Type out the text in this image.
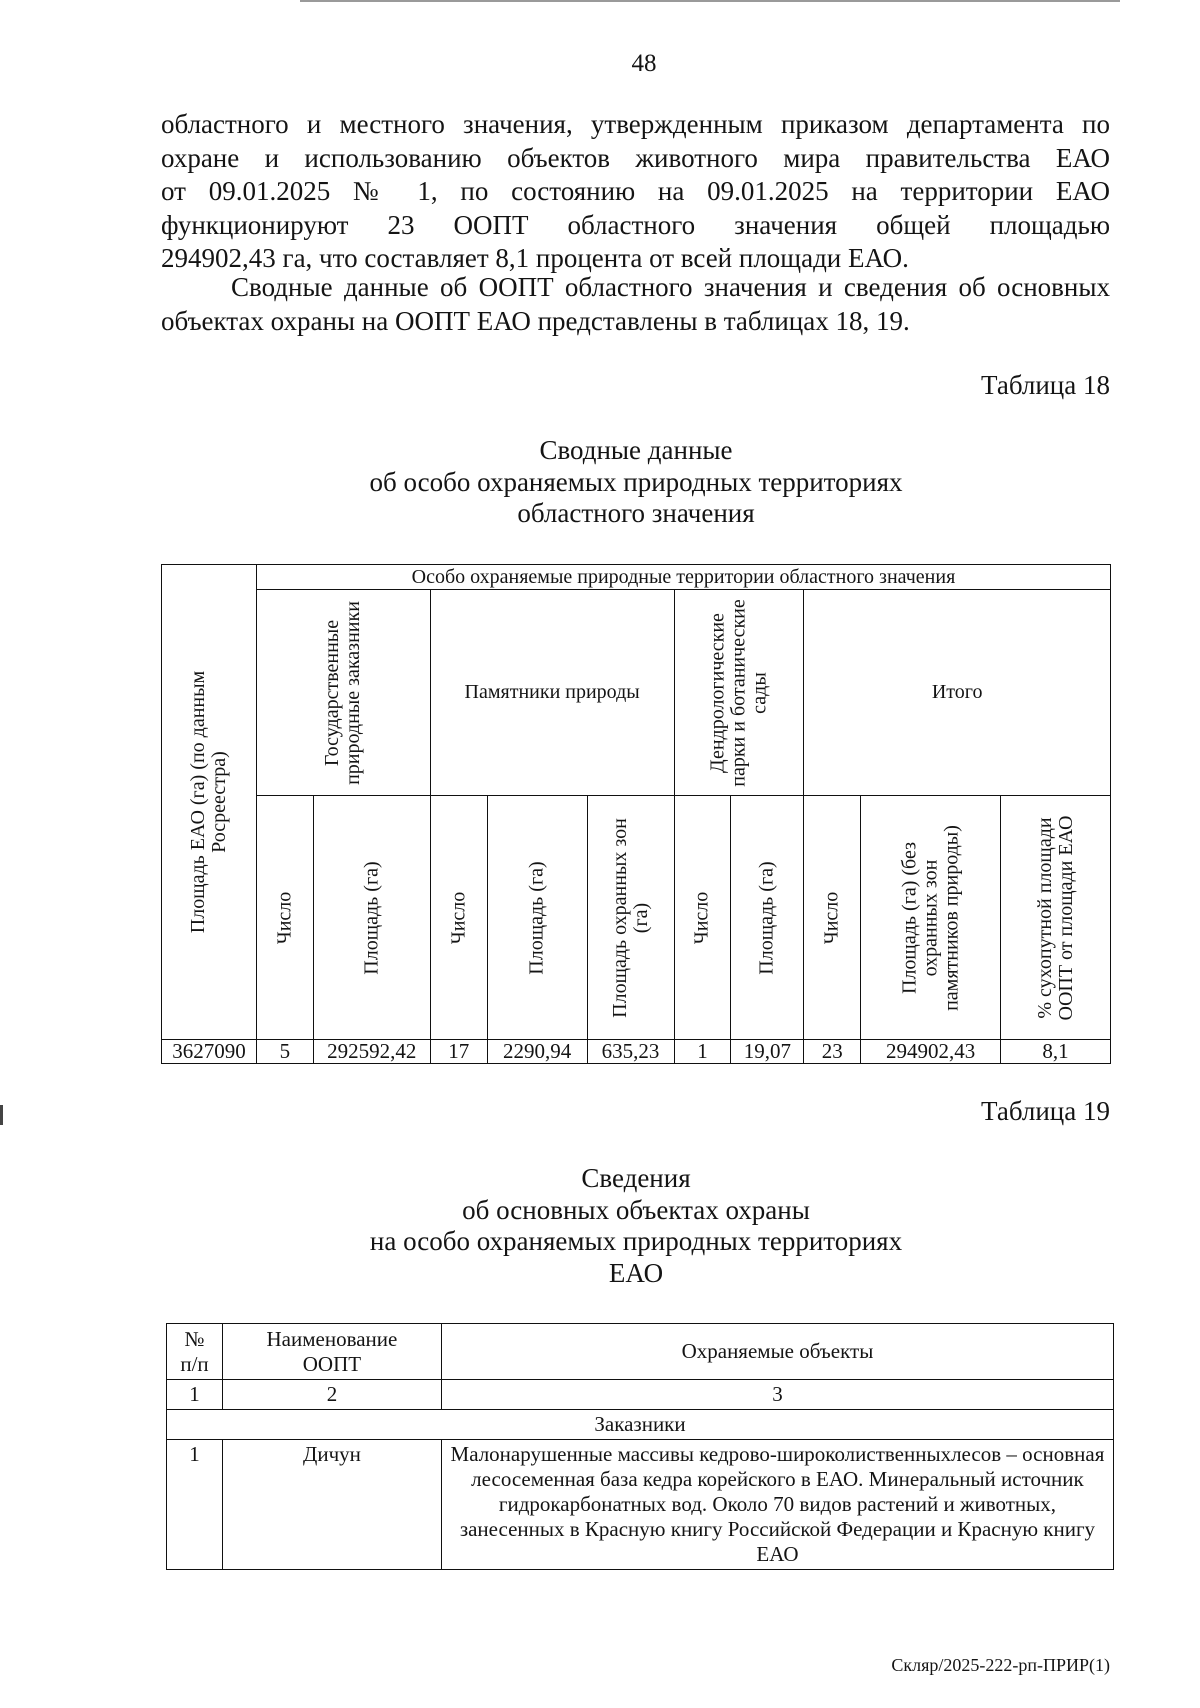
48

областного и местного значения, утвержденным приказом департамента по
охране и использованию объектов животного мира правительства ЕАО
от 09.01.2025 № 1, по состоянию на 09.01.2025 на территории ЕАО
функционируют 23 ООПТ областного значения общей площадью
294902,43 га, что составляет 8,1 процента от всей площади ЕАО.

Сводные данные об ООПТ областного значения и сведения об основных объектах охраны на ООПТ ЕАО представлены в таблицах 18, 19.

Таблица 18
Сводные данные
об особо охраняемых природных территориях
областного значения
Площадь ЕАО (га) (по данным Росреестра)	Особо охраняемые природные территории областного значения									

	Государственные природные заказники		Памятники природы			Дендрологические парки и ботанические сады		Итого		

	Число	Площадь (га)	Число	Площадь (га)	Площадь охранных зон (га)	Число	Площадь (га)	Число	Площадь (га) (без охранных зон памятников природы)	% сухопутной площади ООПТ от площади ЕАО

3627090	5	292592,42	17	2290,94	635,23	1	19,07	23	294902,43	8,1
Таблица 19
Сведения
об основных объектах охраны
на особо охраняемых природных территориях
ЕАО
№ п/п	Наименование ООПТ	Охраняемые объекты
1	2	3
Заказники		
1	Дичун	Малонарушенные массивы кедрово-широколиственныхлесов – основная лесосеменная база кедра корейского в ЕАО. Минеральный источник гидрокарбонатных вод. Около 70 видов растений и животных, занесенных в Красную книгу Российской Федерации и Красную книгу ЕАО
Скляр/2025-222-рп-ПРИР(1)
